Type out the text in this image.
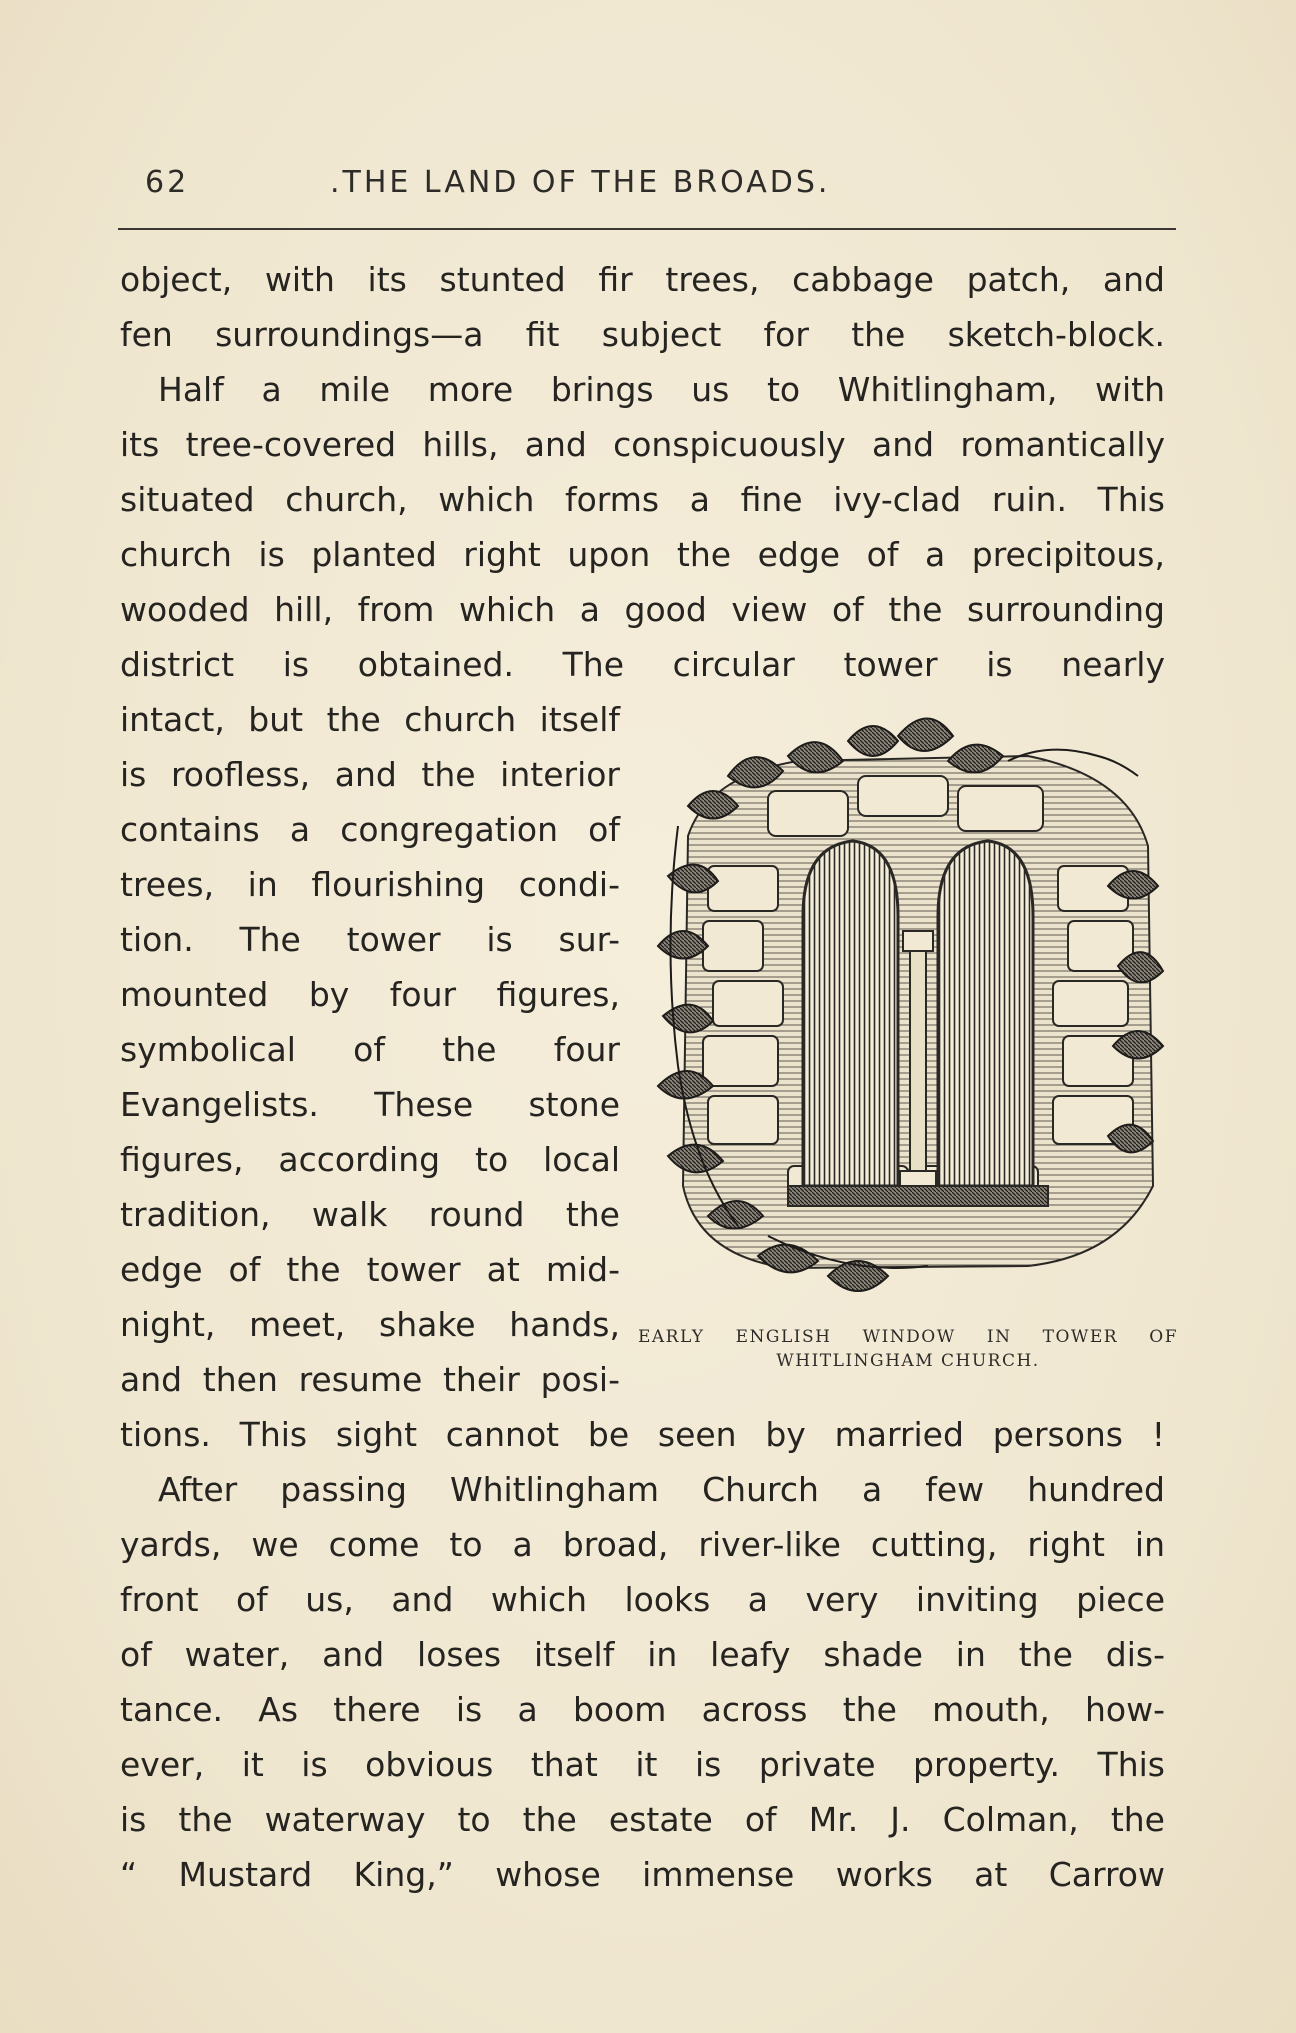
62	.THE LAND OF THE BROADS.
object, with its stunted fir trees, cabbage patch, and
fen surroundings—a fit subject for the sketch-block.
Half a mile more brings us to Whitlingham, with
its tree-covered hills, and conspicuously and romantically
situated church, which forms a fine ivy-clad ruin. This
church is planted right upon the edge of a precipitous,
wooded hill, from which a good view of the surrounding
district is obtained. The circular tower is nearly
intact, but the church itself
is roofless, and the interior
contains a congregation of
trees, in flourishing condi-
tion. The tower is sur-
mounted by four figures,
symbolical of the four
Evangelists. These stone
figures, according to local
tradition, walk round the
edge of the tower at mid-
night, meet, shake hands,
and then resume their posi-
EARLY ENGLISH WINDOW IN TOWER OF
WHITLINGHAM CHURCH.
tions. This sight cannot be seen by married persons !
After passing Whitlingham Church a few hundred
yards, we come to a broad, river-like cutting, right in
front of us, and which looks a very inviting piece
of water, and loses itself in leafy shade in the dis-
tance. As there is a boom across the mouth, how-
ever, it is obvious that it is private property. This
is the waterway to the estate of Mr. J. Colman, the
“ Mustard King,” whose immense works at Carrow
